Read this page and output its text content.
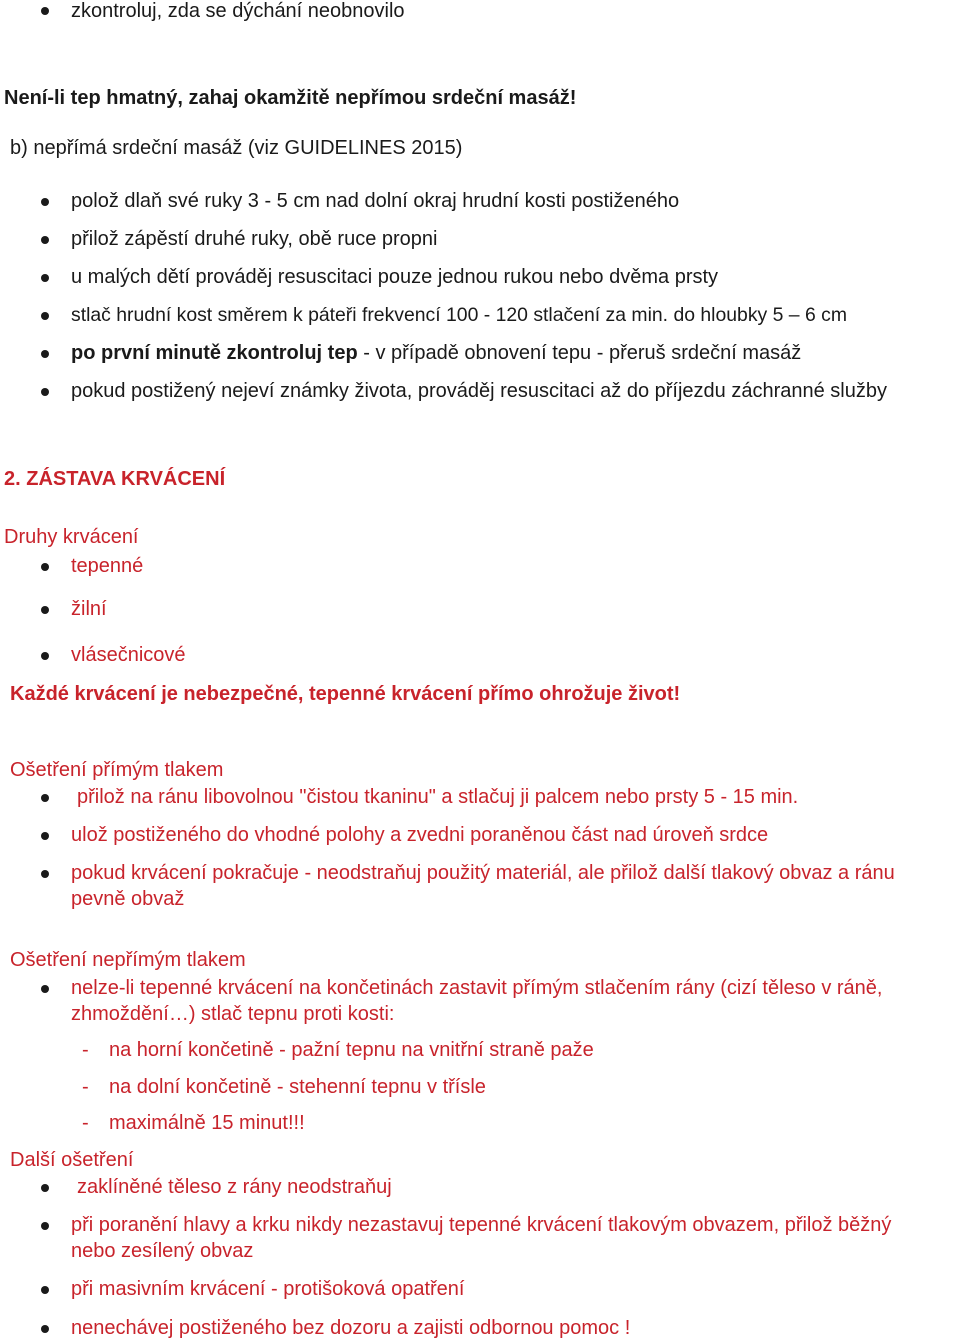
zkontroluj, zda se dýchání neobnovilo
Není-li tep hmatný, zahaj okamžitě nepřímou srdeční masáž!
b) nepřímá srdeční masáž (viz GUIDELINES 2015)
polož dlaň své ruky 3 - 5 cm nad dolní okraj hrudní kosti postiženého
přilož zápěstí druhé ruky, obě ruce propni
u malých dětí prováděj resuscitaci pouze jednou rukou nebo dvěma prsty
stlač hrudní kost směrem k páteři frekvencí 100 - 120 stlačení za min. do hloubky 5 – 6 cm
po první minutě zkontroluj tep - v případě obnovení tepu - přeruš srdeční masáž
pokud postižený nejeví známky života, prováděj resuscitaci až do příjezdu záchranné služby
2. ZÁSTAVA KRVÁCENÍ
Druhy krvácení
tepenné
žilní
vlásečnicové
Každé krvácení je nebezpečné, tepenné krvácení přímo ohrožuje život!
Ošetření přímým tlakem
přilož na ránu libovolnou "čistou tkaninu" a stlačuj ji palcem nebo prsty 5 - 15 min.
ulož postiženého do vhodné polohy a zvedni poraněnou část nad úroveň srdce
pokud krvácení pokračuje - neodstraňuj použitý materiál, ale přilož další tlakový obvaz a ránu pevně obvaž
Ošetření nepřímým tlakem
nelze-li tepenné krvácení na končetinách zastavit přímým stlačením rány (cizí těleso v ráně, zhmoždění…) stlač tepnu proti kosti:
- na horní končetině - pažní tepnu na vnitřní straně paže
- na dolní končetině - stehenní tepnu v třísle
- maximálně 15 minut!!!
Další ošetření
zaklíněné těleso z rány neodstraňuj
při poranění hlavy a krku nikdy nezastavuj tepenné krvácení tlakovým obvazem, přilož běžný nebo zesílený obvaz
při masivním krvácení - protišoková opatření
nenechávej postiženého bez dozoru a zajisti odbornou pomoc !
